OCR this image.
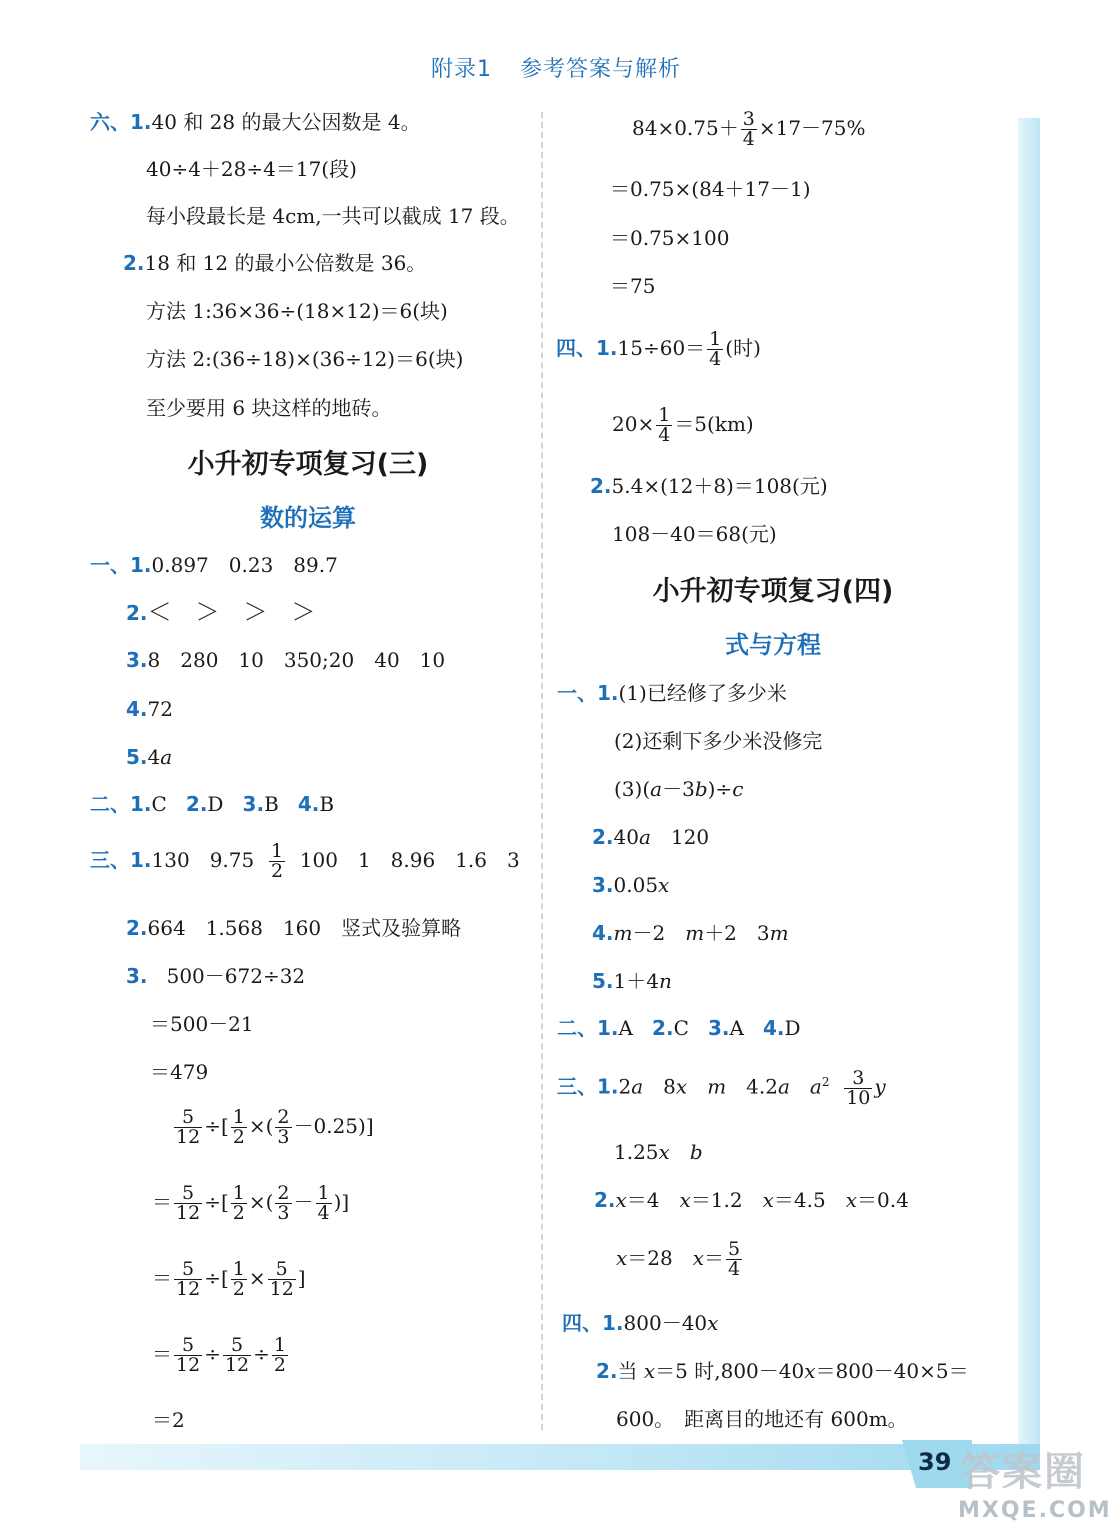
39 答案圈
MXQE.COM
附录1 参考答案与解析
六、1.40 和 28 的最大公因数是 4。
40÷4＋28÷4＝17(段)
每小段最长是 4cm,一共可以截成 17 段。
2.18 和 12 的最小公倍数是 36。
方法 1:36×36÷(18×12)＝6(块)
方法 2:(36÷18)×(36÷12)＝6(块)
至少要用 6 块这样的地砖。
小升初专项复习(三)
数的运算
一、1.0.897　0.23　89.7
2.＜　＞　＞　＞
3.8　280　10　350;20　40　10
4.72
5.4a
二、1.C 2.D 3.B 4.B
三、1.130　$9.75 \frac{1}{2} 100$　1　8.96　1.6　3
2.664　1.568　160　竖式及验算略
3. 500－672÷32
＝500－21
＝479
$\frac{5}{12}$ ÷[ $\frac{1}{2}$ ×( $\frac{2}{3} -0.25$)]
＝ $\frac{5}{12}$ ÷[ $\frac{1}{2}$ ×( $\frac{2}{3} - \frac{1}{4}$ )]
＝ $\frac{5}{12}$ ÷[ $\frac{1}{2} \times \frac{5}{12}$ ]
＝ $\frac{5}{12} \div \frac{5}{12} \div \frac{1}{2}$
＝2
$84\times 0.75+ \frac{3}{4} \times 17-75\%$
＝0.75×(84＋17－1)
＝0.75×100
＝75
四、$1.15\div 60= \frac{1}{4}$ (时)
$20\times \frac{1}{4} =5(km)$
2.5.4×(12＋8)＝108(元)
108－40＝68(元)
小升初专项复习(四)
式与方程
一、1.(1)已经修了多少米
(2)还剩下多少米没修完
(3)(a－3b)÷c
2.40a　120
3.0.05x
4.m－2　m＋2　3m
5.1＋4n
二、1.A 2.C 3.A 4.D
三、1.2a　8x　 m　4.2a　 $a^2 \frac{3}{10}$ y
1.25x　 b
2.x＝4　x＝1.2　x＝4.5　x＝0.4
x＝28　$x= \frac{5}{4}$
四、1.800－40x
2.当 x＝5 时,800－40x＝800－40×5＝
600。　距离目的地还有 600m。
